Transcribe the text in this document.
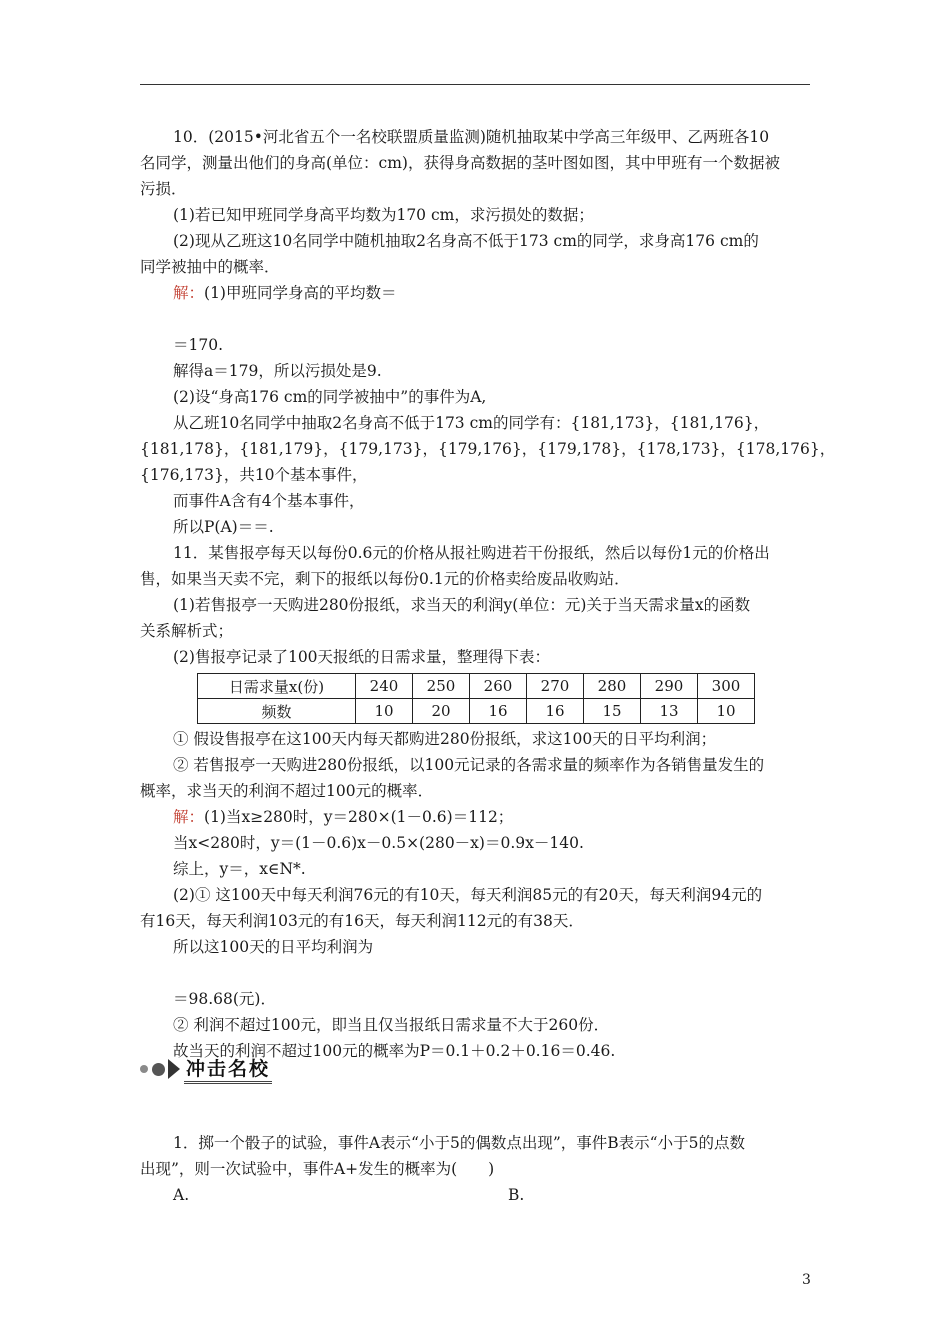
10．(2015•河北省五个一名校联盟质量监测)随机抽取某中学高三年级甲、乙两班各10

名同学，测量出他们的身高(单位：cm)，获得身高数据的茎叶图如图，其中甲班有一个数据被

污损．

(1)若已知甲班同学身高平均数为170 cm，求污损处的数据；

(2)现从乙班这10名同学中随机抽取2名身高不低于173 cm的同学，求身高176 cm的

同学被抽中的概率．

解：(1)甲班同学身高的平均数＝

＝170.

解得a＝179，所以污损处是9.

(2)设“身高176 cm的同学被抽中”的事件为A,

从乙班10名同学中抽取2名身高不低于173 cm的同学有：{181,173}，{181,176}，

{181,178}，{181,179}，{179,173}，{179,176}，{179,178}，{178,173}，{178,176}，

{176,173}，共10个基本事件，

而事件A含有4个基本事件，

所以P(A)＝＝.

11．某售报亭每天以每份0.6元的价格从报社购进若干份报纸，然后以每份1元的价格出

售，如果当天卖不完，剩下的报纸以每份0.1元的价格卖给废品收购站．

(1)若售报亭一天购进280份报纸，求当天的利润y(单位：元)关于当天需求量x的函数

关系解析式；

(2)售报亭记录了100天报纸的日需求量，整理得下表：

日需求量x(份)	240	250	260	270	280	290	300
频数	10	20	16	16	15	13	10

① 假设售报亭在这100天内每天都购进280份报纸，求这100天的日平均利润；

② 若售报亭一天购进280份报纸，以100元记录的各需求量的频率作为各销售量发生的

概率，求当天的利润不超过100元的概率．

解：(1)当x≥280时，y＝280×(1－0.6)＝112；

当x<280时，y＝(1－0.6)x－0.5×(280－x)＝0.9x－140.

综上，y＝，x∈N*.

(2)① 这100天中每天利润76元的有10天，每天利润85元的有20天，每天利润94元的

有16天，每天利润103元的有16天，每天利润112元的有38天．

所以这100天的日平均利润为

＝98.68(元)．

② 利润不超过100元，即当且仅当报纸日需求量不大于260份．

故当天的利润不超过100元的概率为P＝0.1＋0.2＋0.16＝0.46.

冲击名校

1．掷一个骰子的试验，事件A表示“小于5的偶数点出现”，事件B表示“小于5的点数

出现”，则一次试验中，事件A+发生的概率为(　　)

A.	B.
3
